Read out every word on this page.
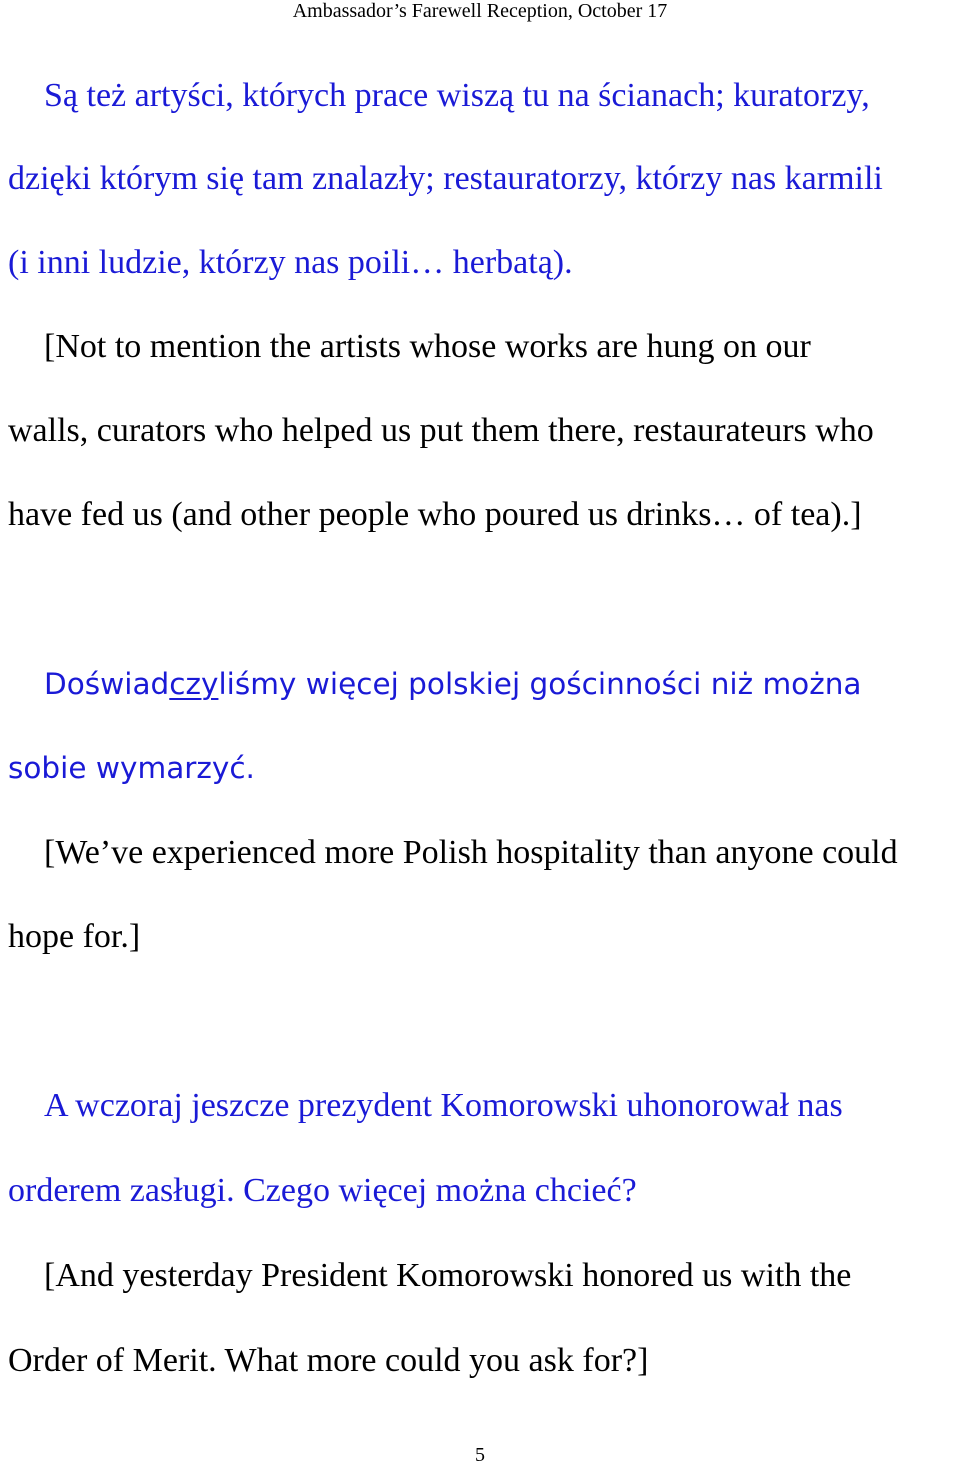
Ambassador’s Farewell Reception, October 17
Są też artyści, których prace wiszą tu na ścianach; kuratorzy,
dzięki którym się tam znalazły; restauratorzy, którzy nas karmili
(i inni ludzie, którzy nas poili… herbatą).
[Not to mention the artists whose works are hung on our
walls, curators who helped us put them there, restaurateurs who
have fed us (and other people who poured us drinks… of tea).]
Doświadczyliśmy więcej polskiej gościnności niż można
sobie wymarzyć.
[We’ve experienced more Polish hospitality than anyone could
hope for.]
A wczoraj jeszcze prezydent Komorowski uhonorował nas
orderem zasługi. Czego więcej można chcieć?
[And yesterday President Komorowski honored us with the
Order of Merit. What more could you ask for?]
5
